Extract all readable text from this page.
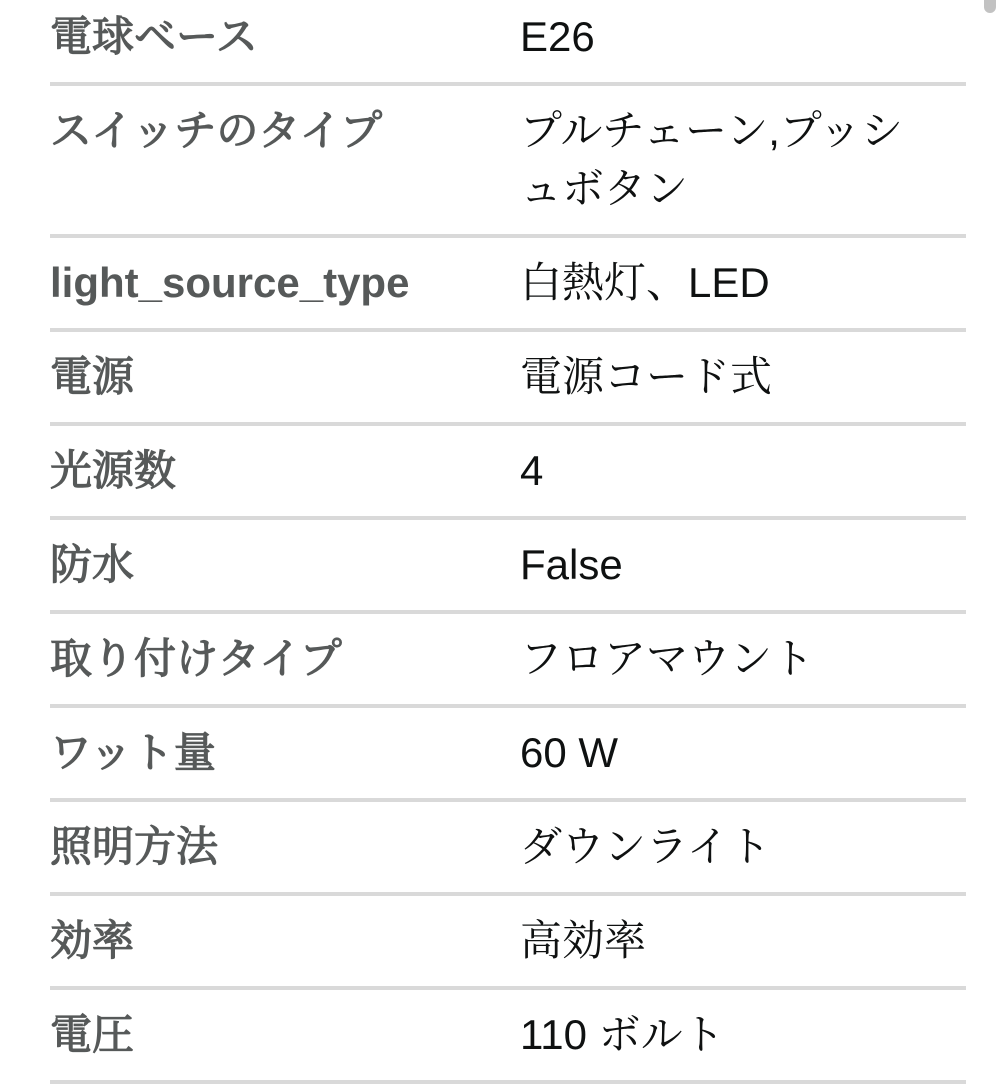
電球ベース	E26
スイッチのタイプ	プルチェーン,プッシュボタン
light_source_type	白熱灯、LED
電源	電源コード式
光源数	4
防水	False
取り付けタイプ	フロアマウント
ワット量	60 W
照明方法	ダウンライト
効率	高効率
電圧	110 ボルト
